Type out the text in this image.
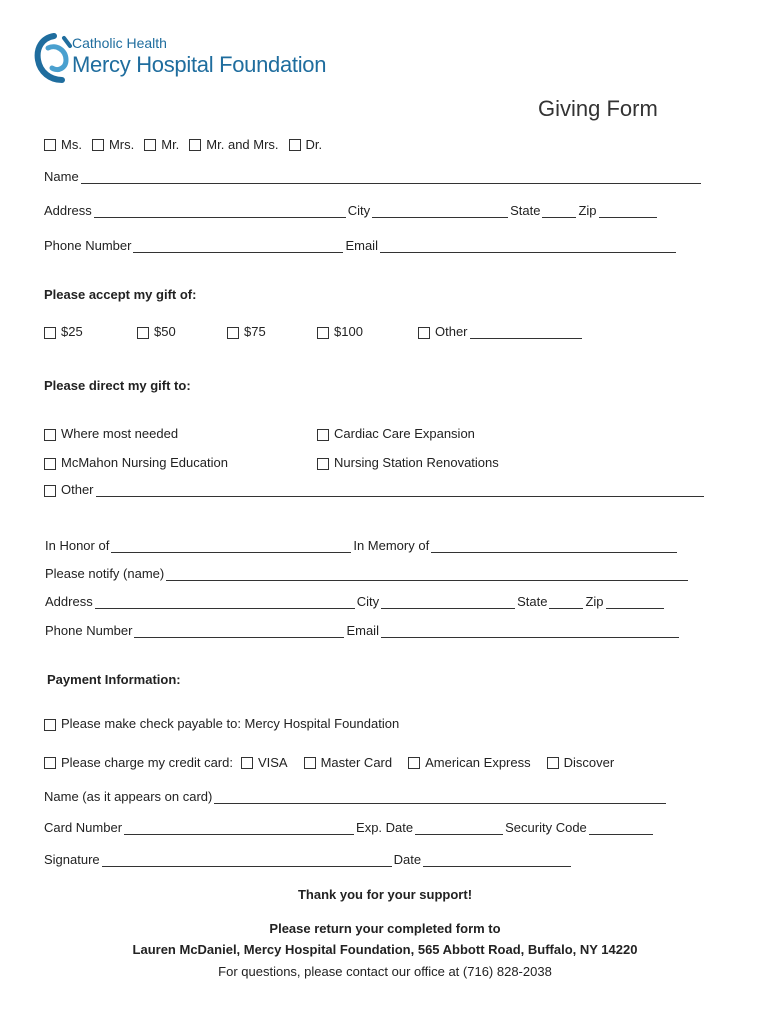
Catholic Health
Mercy Hospital Foundation
Giving Form
Ms. Mrs. Mr. Mr. and Mrs. Dr.
Name
Address	City	State	Zip
Phone Number	Email
Please accept my gift of:
$25	$50	$75	$100	Other
Please direct my gift to:
Where most needed	Cardiac Care Expansion
McMahon Nursing Education	Nursing Station Renovations
Other
In Honor of	In Memory of
Please notify (name)
Address	City	State	Zip
Phone Number	Email
Payment Information:
Please make check payable to: Mercy Hospital Foundation
Please charge my credit card: VISA	Master Card	American Express	Discover
Name (as it appears on card)
Card Number	Exp. Date	Security Code
Signature	Date
Thank you for your support!
Please return your completed form to
Lauren McDaniel, Mercy Hospital Foundation, 565 Abbott Road, Buffalo, NY 14220
For questions, please contact our office at (716) 828-2038
